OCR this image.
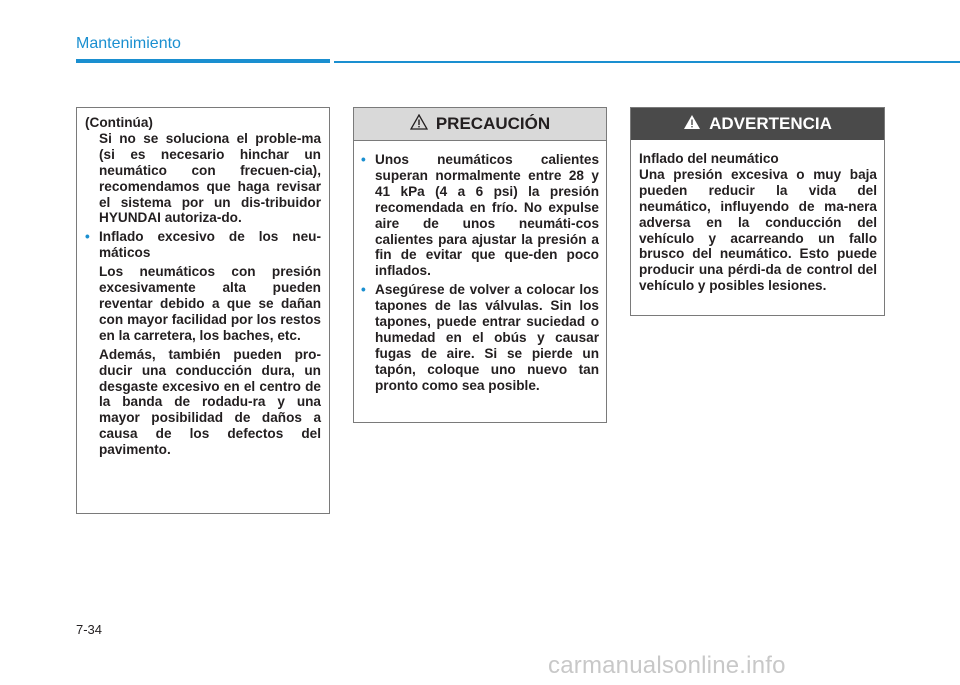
Mantenimiento

(Continúa)

Si no se soluciona el proble-ma (si es necesario hinchar un neumático con frecuen-cia), recomendamos que haga revisar el sistema por un dis-tribuidor HYUNDAI autoriza-do.

• Inflado excesivo de los neu-máticos

Los neumáticos con presión excesivamente alta pueden reventar debido a que se dañan con mayor facilidad por los restos en la carretera, los baches, etc.

Además, también pueden pro-ducir una conducción dura, un desgaste excesivo en el centro de la banda de rodadu-ra y una mayor posibilidad de daños a causa de los defectos del pavimento.

PRECAUCIÓN
• Unos neumáticos calientes superan normalmente entre 28 y 41 kPa (4 a 6 psi) la presión recomendada en frío. No expulse aire de unos neumáti-cos calientes para ajustar la presión a fin de evitar que que-den poco inflados.
• Asegúrese de volver a colocar los tapones de las válvulas. Sin los tapones, puede entrar suciedad o humedad en el obús y causar fugas de aire. Si se pierde un tapón, coloque uno nuevo tan pronto como sea posible.
ADVERTENCIA

Inflado del neumático

Una presión excesiva o muy baja pueden reducir la vida del neumático, influyendo de ma-nera adversa en la conducción del vehículo y acarreando un fallo brusco del neumático. Esto puede producir una pérdi-da de control del vehículo y posibles lesiones.

7-34
carmanualsonline.info
